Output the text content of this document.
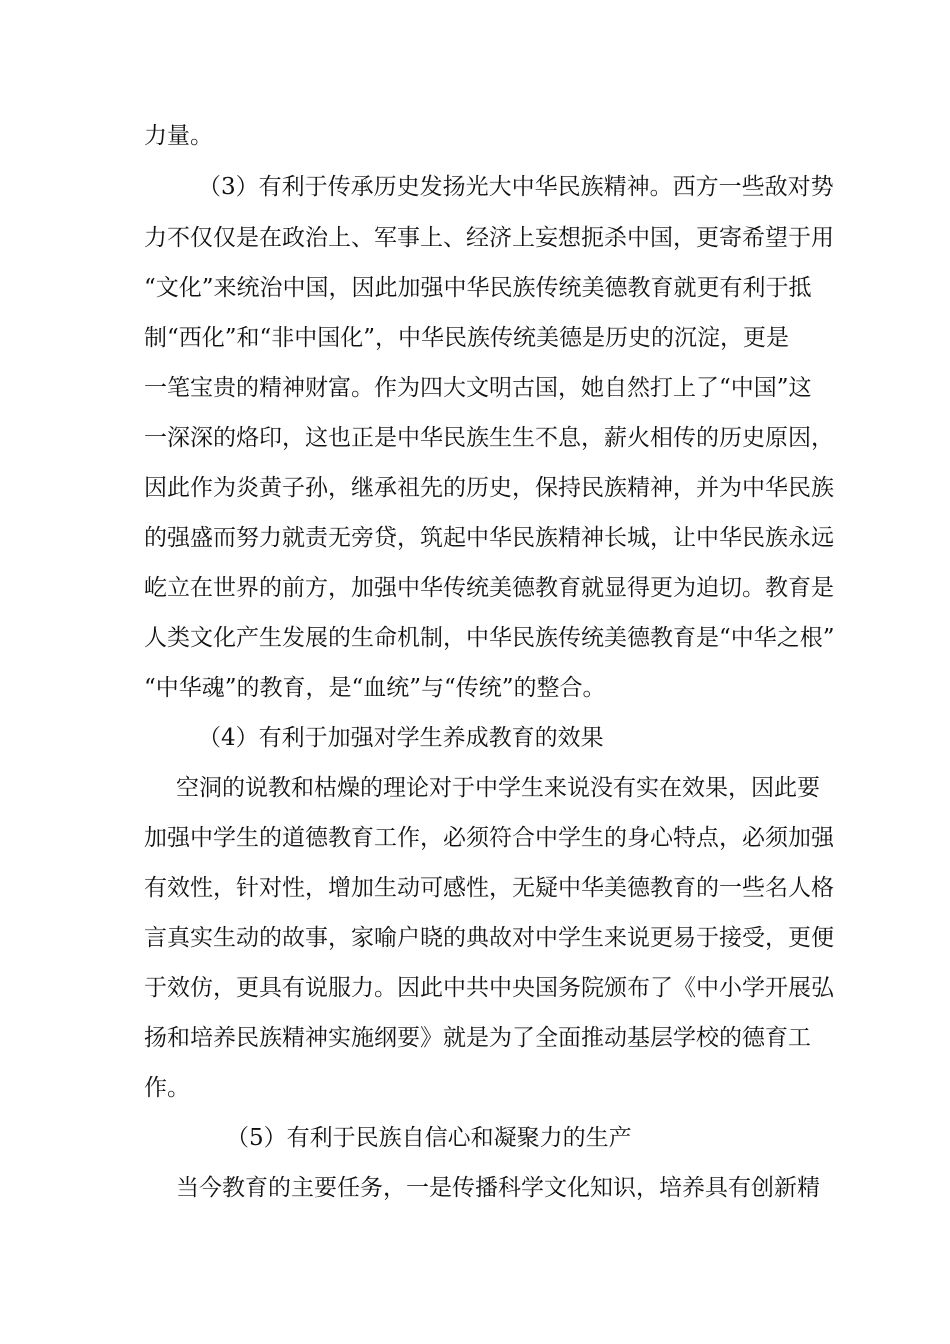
力量。
（3）有利于传承历史发扬光大中华民族精神。西方一些敌对势
力不仅仅是在政治上、军事上、经济上妄想扼杀中国，更寄希望于用
“文化”来统治中国，因此加强中华民族传统美德教育就更有利于抵
制“西化”和“非中国化”，中华民族传统美德是历史的沉淀，更是
一笔宝贵的精神财富。作为四大文明古国，她自然打上了“中国”这
一深深的烙印，这也正是中华民族生生不息，薪火相传的历史原因，
因此作为炎黄子孙，继承祖先的历史，保持民族精神，并为中华民族
的强盛而努力就责无旁贷，筑起中华民族精神长城，让中华民族永远
屹立在世界的前方，加强中华传统美德教育就显得更为迫切。教育是
人类文化产生发展的生命机制，中华民族传统美德教育是“中华之根”
“中华魂”的教育，是“血统”与“传统”的整合。
（4）有利于加强对学生养成教育的效果
空洞的说教和枯燥的理论对于中学生来说没有实在效果，因此要
加强中学生的道德教育工作，必须符合中学生的身心特点，必须加强
有效性，针对性，增加生动可感性，无疑中华美德教育的一些名人格
言真实生动的故事，家喻户晓的典故对中学生来说更易于接受，更便
于效仿，更具有说服力。因此中共中央国务院颁布了《中小学开展弘
扬和培养民族精神实施纲要》就是为了全面推动基层学校的德育工
作。
（5）有利于民族自信心和凝聚力的生产
当今教育的主要任务，一是传播科学文化知识，培养具有创新精
